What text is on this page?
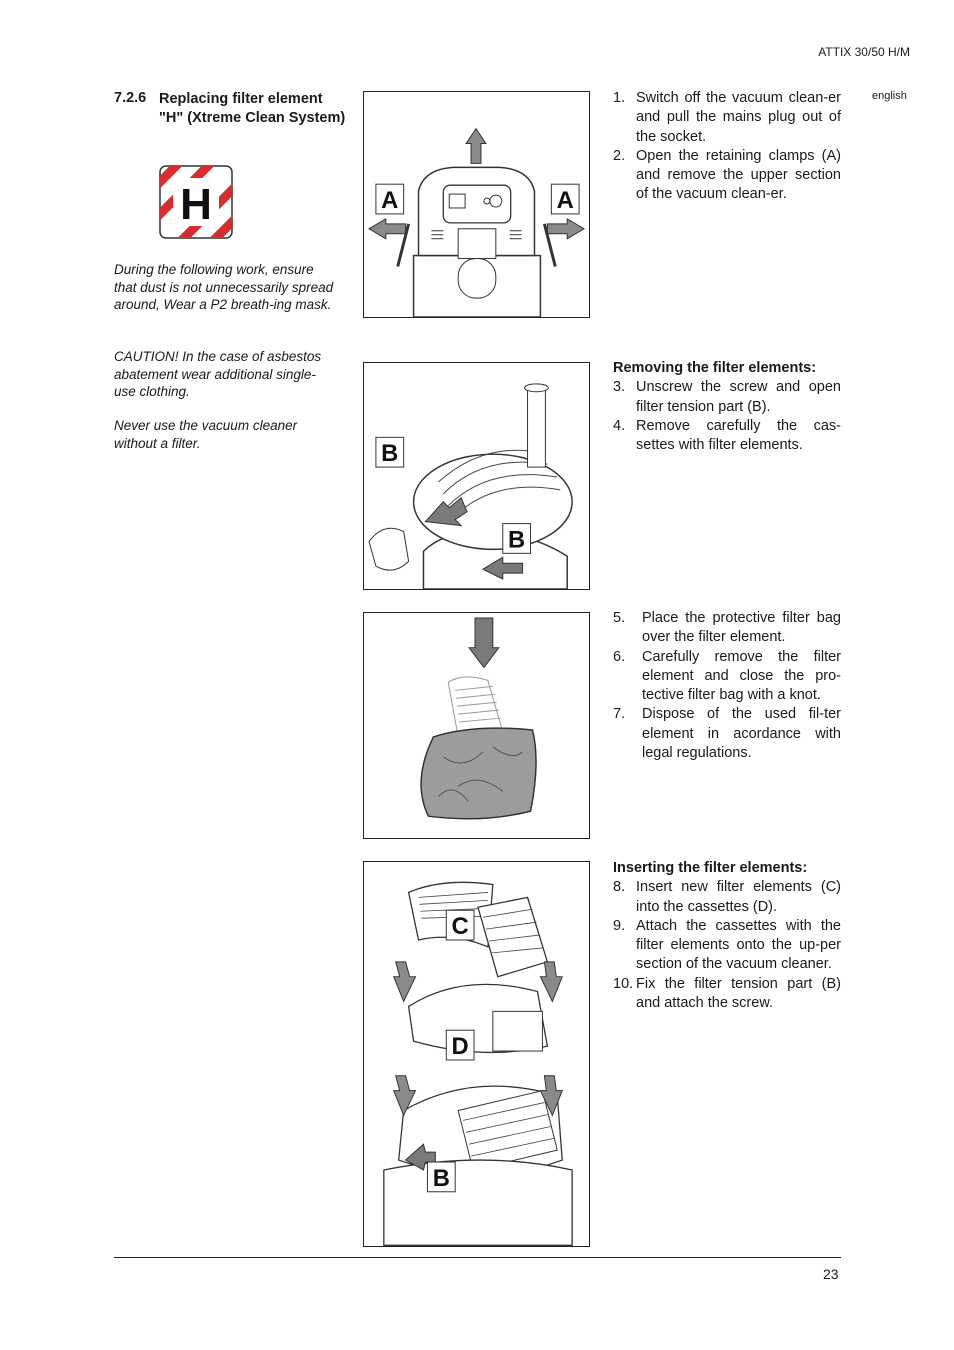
ATTIX 30/50 H/M
english
7.2.6 Replacing filter element "H" (Xtreme Clean System)
H
During the following work, ensure that dust is not unnecessarily spread around, Wear a P2 breath-ing mask.
CAUTION! In the case of asbestos abatement wear additional single-use clothing.
Never use the vacuum cleaner without a filter.
A	A
B
B
C
D
B
1. Switch off the vacuum clean-er and pull the mains plug out of the socket.
2. Open the retaining clamps (A) and remove the upper section of the vacuum clean-er.
Removing the filter elements:
3. Unscrew the screw and open filter tension part (B).
4. Remove carefully the cas-settes with filter elements.
5.	Place the protective filter bag over the filter element.
6.	Carefully remove the filter element and close the pro-tective filter bag with a knot.
7.	Dispose of the used fil-ter element in acordance with legal regulations.
Inserting the filter elements:
8. Insert new filter elements (C) into the cassettes (D).
9. Attach the cassettes with the filter elements onto the up-per section of the vacuum cleaner.
10. Fix the filter tension part (B) and attach the screw.
23
